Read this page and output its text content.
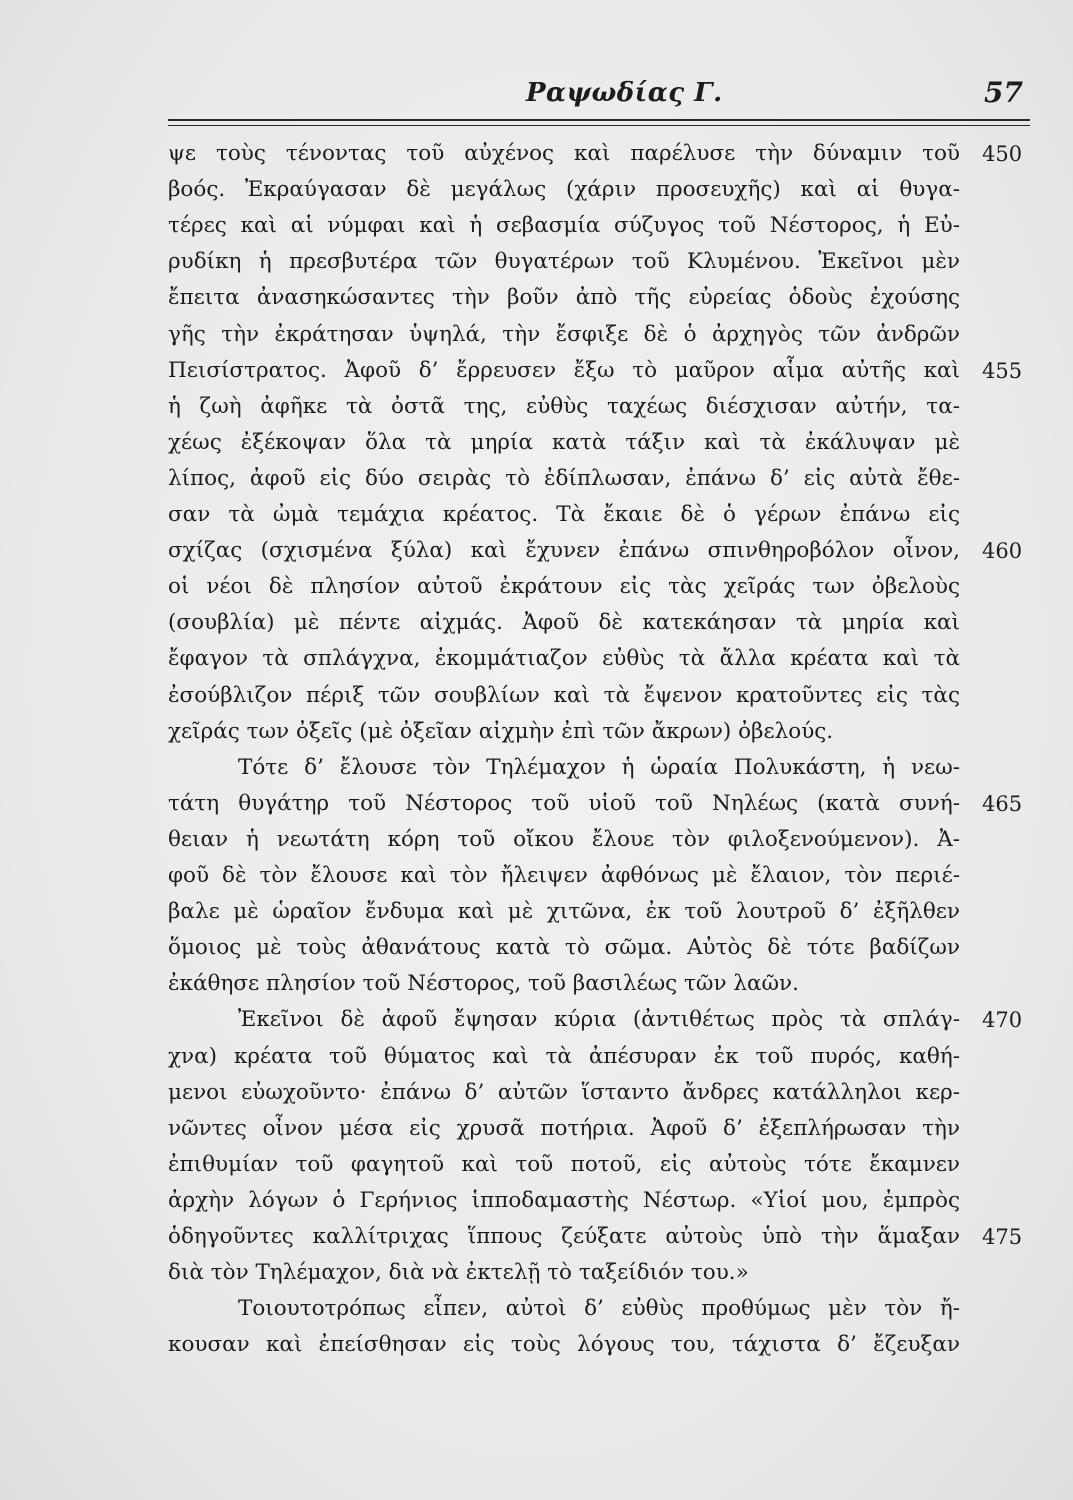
Ραψωδίας Γ.	57
ψε τοὺς τένοντας τοῦ αὐχένος καὶ παρέλυσε τὴν δύναμιν τοῦ 450
βοός. Ἐκραύγασαν δὲ μεγάλως (χάριν προσευχῆς) καὶ αἱ θυγα-
τέρες καὶ αἱ νύμφαι καὶ ἡ σεβασμία σύζυγος τοῦ Νέστορος, ἡ Εὐ-
ρυδίκη ἡ πρεσβυτέρα τῶν θυγατέρων τοῦ Κλυμένου. Ἐκεῖνοι μὲν
ἔπειτα ἀνασηκώσαντες τὴν βοῦν ἀπὸ τῆς εὐρείας ὁδοὺς ἐχούσης
γῆς τὴν ἐκράτησαν ὑψηλά, τὴν ἔσφιξε δὲ ὁ ἀρχηγὸς τῶν ἀνδρῶν
Πεισίστρατος. Ἀφοῦ δ’ ἔρρευσεν ἔξω τὸ μαῦρον αἷμα αὐτῆς καὶ 455
ἡ ζωὴ ἀφῆκε τὰ ὀστᾶ της, εὐθὺς ταχέως διέσχισαν αὐτήν, τα-
χέως ἐξέκοψαν ὅλα τὰ μηρία κατὰ τάξιν καὶ τὰ ἐκάλυψαν μὲ
λίπος, ἀφοῦ εἰς δύο σειρὰς τὸ ἐδίπλωσαν, ἐπάνω δ’ εἰς αὐτὰ ἔθε-
σαν τὰ ὠμὰ τεμάχια κρέατος. Τὰ ἔκαιε δὲ ὁ γέρων ἐπάνω εἰς
σχίζας (σχισμένα ξύλα) καὶ ἔχυνεν ἐπάνω σπινθηροβόλον οἶνον, 460
οἱ νέοι δὲ πλησίον αὐτοῦ ἐκράτουν εἰς τὰς χεῖράς των ὀβελοὺς
(σουβλία) μὲ πέντε αἰχμάς. Ἀφοῦ δὲ κατεκάησαν τὰ μηρία καὶ
ἔφαγον τὰ σπλάγχνα, ἐκομμάτιαζον εὐθὺς τὰ ἄλλα κρέατα καὶ τὰ
ἐσούβλιζον πέριξ τῶν σουβλίων καὶ τὰ ἔψενον κρατοῦντες εἰς τὰς
χεῖράς των ὀξεῖς (μὲ ὀξεῖαν αἰχμὴν ἐπὶ τῶν ἄκρων) ὀβελούς.
Τότε δ’ ἔλουσε τὸν Τηλέμαχον ἡ ὡραία Πολυκάστη, ἡ νεω-
τάτη θυγάτηρ τοῦ Νέστορος τοῦ υἱοῦ τοῦ Νηλέως (κατὰ συνή- 465
θειαν ἡ νεωτάτη κόρη τοῦ οἴκου ἔλουε τὸν φιλοξενούμενον). Ἀ-
φοῦ δὲ τὸν ἔλουσε καὶ τὸν ἤλειψεν ἀφθόνως μὲ ἔλαιον, τὸν περιέ-
βαλε μὲ ὡραῖον ἔνδυμα καὶ μὲ χιτῶνα, ἐκ τοῦ λουτροῦ δ’ ἐξῆλθεν
ὅμοιος μὲ τοὺς ἀθανάτους κατὰ τὸ σῶμα. Αὐτὸς δὲ τότε βαδίζων
ἐκάθησε πλησίον τοῦ Νέστορος, τοῦ βασιλέως τῶν λαῶν.
Ἐκεῖνοι δὲ ἀφοῦ ἔψησαν κύρια (ἀντιθέτως πρὸς τὰ σπλάγ- 470
χνα) κρέατα τοῦ θύματος καὶ τὰ ἀπέσυραν ἐκ τοῦ πυρός, καθή-
μενοι εὐωχοῦντο· ἐπάνω δ’ αὐτῶν ἵσταντο ἄνδρες κατάλληλοι κερ-
νῶντες οἶνον μέσα εἰς χρυσᾶ ποτήρια. Ἀφοῦ δ’ ἐξεπλήρωσαν τὴν
ἐπιθυμίαν τοῦ φαγητοῦ καὶ τοῦ ποτοῦ, εἰς αὐτοὺς τότε ἔκαμνεν
ἀρχὴν λόγων ὁ Γερήνιος ἱπποδαμαστὴς Νέστωρ. «Υἱοί μου, ἐμπρὸς
ὁδηγοῦντες καλλίτριχας ἵππους ζεύξατε αὐτοὺς ὑπὸ τὴν ἅμαξαν 475
διὰ τὸν Τηλέμαχον, διὰ νὰ ἐκτελῇ τὸ ταξείδιόν του.»
Τοιουτοτρόπως εἶπεν, αὐτοὶ δ’ εὐθὺς προθύμως μὲν τὸν ἤ-
κουσαν καὶ ἐπείσθησαν εἰς τοὺς λόγους του, τάχιστα δ’ ἔζευξαν
